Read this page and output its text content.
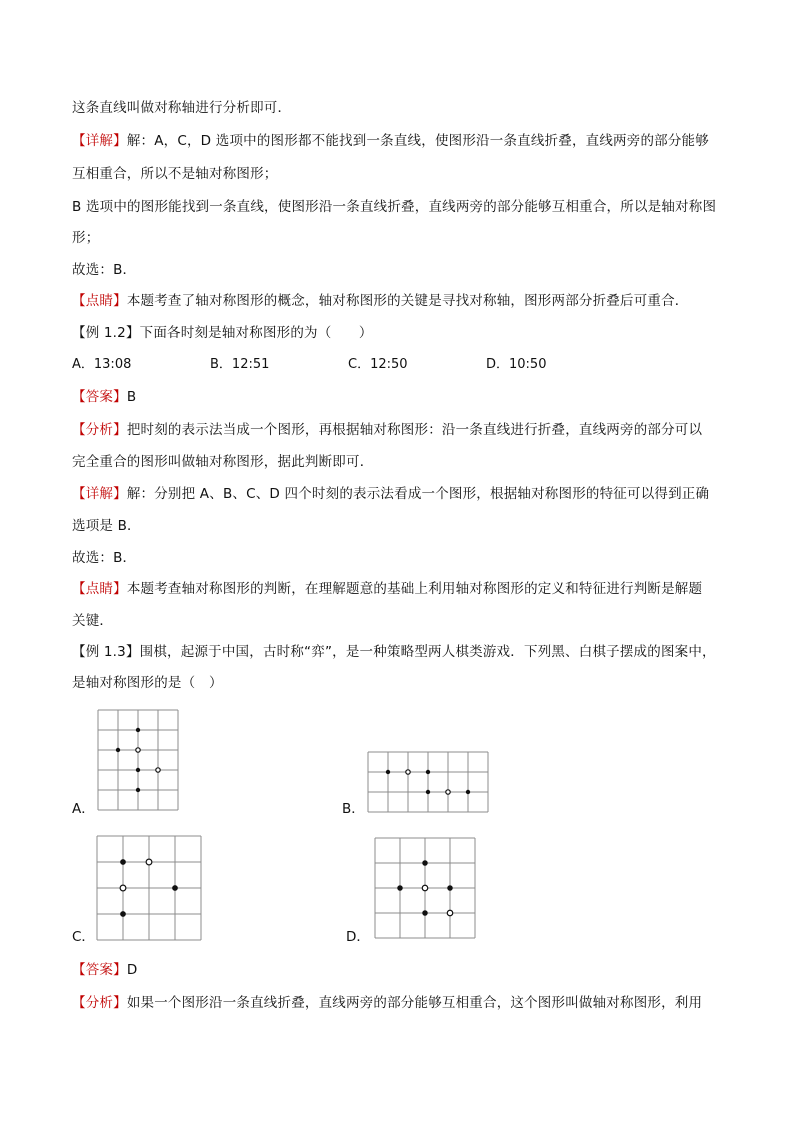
这条直线叫做对称轴进行分析即可．
【详解】解：A，C，D 选项中的图形都不能找到一条直线，使图形沿一条直线折叠，直线两旁的部分能够
互相重合，所以不是轴对称图形；
B 选项中的图形能找到一条直线，使图形沿一条直线折叠，直线两旁的部分能够互相重合，所以是轴对称图
形；
故选：B．
【点睛】本题考查了轴对称图形的概念，轴对称图形的关键是寻找对称轴，图形两部分折叠后可重合．
【例 1.2】下面各时刻是轴对称图形的为（　　）
A．13:08	B．12:51	C．12:50	D．10:50
【答案】B
【分析】把时刻的表示法当成一个图形，再根据轴对称图形：沿一条直线进行折叠，直线两旁的部分可以
完全重合的图形叫做轴对称图形，据此判断即可．
【详解】解：分别把 A、B、C、D 四个时刻的表示法看成一个图形，根据轴对称图形的特征可以得到正确
选项是 B．
故选：B．
【点睛】本题考查轴对称图形的判断，在理解题意的基础上利用轴对称图形的定义和特征进行判断是解题
关键．
【例 1.3】围棋，起源于中国，古时称“弈”，是一种策略型两人棋类游戏．下列黑、白棋子摆成的图案中，
是轴对称图形的是（　）
A．	B．
C．	D．
【答案】D
【分析】如果一个图形沿一条直线折叠，直线两旁的部分能够互相重合，这个图形叫做轴对称图形，利用
